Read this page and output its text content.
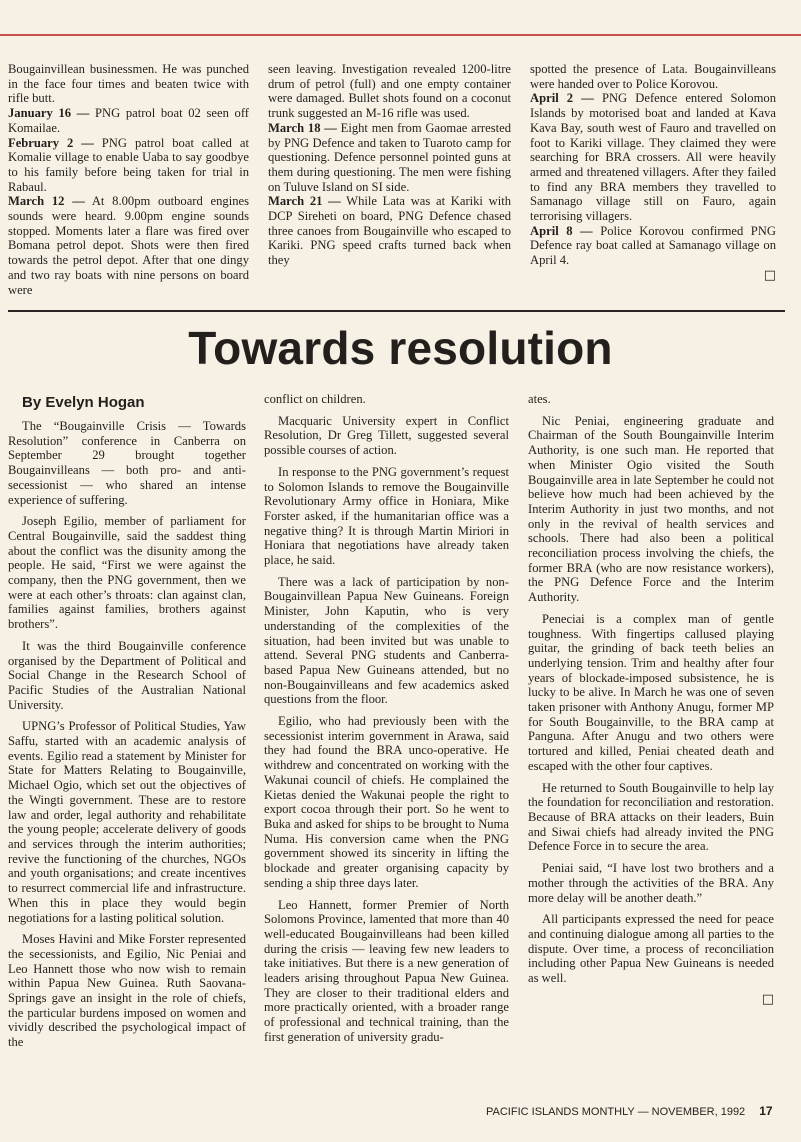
Bougainvillean businessmen. He was punched in the face four times and beaten twice with rifle butt.

January 16 — PNG patrol boat 02 seen off Komailae.

February 2 — PNG patrol boat called at Komalie village to enable Uaba to say goodbye to his family before being taken for trial in Rabaul.

March 12 — At 8.00pm outboard engines sounds were heard. 9.00pm engine sounds stopped. Moments later a flare was fired over Bomana petrol depot. Shots were then fired towards the petrol depot. After that one dingy and two ray boats with nine persons on board were

seen leaving. Investigation revealed 1200-litre drum of petrol (full) and one empty container were damaged. Bullet shots found on a coconut trunk suggested an M-16 rifle was used.

March 18 — Eight men from Gaomae arrested by PNG Defence and taken to Tuaroto camp for questioning. Defence personnel pointed guns at them during questioning. The men were fishing on Tuluve Island on SI side.

March 21 — While Lata was at Kariki with DCP Sireheti on board, PNG Defence chased three canoes from Bougainville who escaped to Kariki. PNG speed crafts turned back when they

spotted the presence of Lata. Bougainvilleans were handed over to Police Korovou.

April 2 — PNG Defence entered Solomon Islands by motorised boat and landed at Kava Kava Bay, south west of Fauro and travelled on foot to Kariki village. They claimed they were searching for BRA crossers. All were heavily armed and threatened villagers. After they failed to find any BRA members they travelled to Samanago village still on Fauro, again terrorising villagers.

April 8 — Police Korovou confirmed PNG Defence ray boat called at Samanago village on April 4.

□
Towards resolution

By Evelyn Hogan

The “Bougainville Crisis — Towards Resolution” conference in Canberra on September 29 brought together Bougainvilleans — both pro- and anti-secessionist — who shared an intense experience of suffering.

Joseph Egilio, member of parliament for Central Bougainville, said the saddest thing about the conflict was the disunity among the people. He said, “First we were against the company, then the PNG government, then we were at each other’s throats: clan against clan, families against families, brothers against brothers”.

It was the third Bougainville conference organised by the Department of Political and Social Change in the Research School of Pacific Studies of the Australian National University.

UPNG’s Professor of Political Studies, Yaw Saffu, started with an academic analysis of events. Egilio read a statement by Minister for State for Matters Relating to Bougainville, Michael Ogio, which set out the objectives of the Wingti government. These are to restore law and order, legal authority and rehabilitate the young people; accelerate delivery of goods and services through the interim authorities; revive the functioning of the churches, NGOs and youth organisations; and create incentives to resurrect commercial life and infrastructure. When this in place they would begin negotiations for a lasting political solution.

Moses Havini and Mike Forster represented the secessionists, and Egilio, Nic Peniai and Leo Hannett those who now wish to remain within Papua New Guinea. Ruth Saovana-Springs gave an insight in the role of chiefs, the particular burdens imposed on women and vividly described the psychological impact of the

conflict on children.

Macquaric University expert in Conflict Resolution, Dr Greg Tillett, suggested several possible courses of action.

In response to the PNG government’s request to Solomon Islands to remove the Bougainville Revolutionary Army office in Honiara, Mike Forster asked, if the humanitarian office was a negative thing? It is through Martin Miriori in Honiara that negotiations have already taken place, he said.

There was a lack of participation by non-Bougainvillean Papua New Guineans. Foreign Minister, John Kaputin, who is very understanding of the complexities of the situation, had been invited but was unable to attend. Several PNG students and Canberra-based Papua New Guineans attended, but no non-Bougainvilleans and few academics asked questions from the floor.

Egilio, who had previously been with the secessionist interim government in Arawa, said they had found the BRA unco-operative. He withdrew and concentrated on working with the Wakunai council of chiefs. He complained the Kietas denied the Wakunai people the right to export cocoa through their port. So he went to Buka and asked for ships to be brought to Numa Numa. His conversion came when the PNG government showed its sincerity in lifting the blockade and greater organising capacity by sending a ship three days later.

Leo Hannett, former Premier of North Solomons Province, lamented that more than 40 well-educated Bougainvilleans had been killed during the crisis — leaving few new leaders to take initiatives. But there is a new generation of leaders arising throughout Papua New Guinea. They are closer to their traditional elders and more practically oriented, with a broader range of professional and technical training, than the first generation of university gradu-

ates.

Nic Peniai, engineering graduate and Chairman of the South Boungainville Interim Authority, is one such man. He reported that when Minister Ogio visited the South Bougainville area in late September he could not believe how much had been achieved by the Interim Authority in just two months, and not only in the revival of health services and schools. There had also been a political reconciliation process involving the chiefs, the former BRA (who are now resistance workers), the PNG Defence Force and the Interim Authority.

Peneciai is a complex man of gentle toughness. With fingertips callused playing guitar, the grinding of back teeth belies an underlying tension. Trim and healthy after four years of blockade-imposed subsistence, he is lucky to be alive. In March he was one of seven taken prisoner with Anthony Anugu, former MP for South Bougainville, to the BRA camp at Panguna. After Anugu and two others were tortured and killed, Peniai cheated death and escaped with the other four captives.

He returned to South Bougainville to help lay the foundation for reconciliation and restoration. Because of BRA attacks on their leaders, Buin and Siwai chiefs had already invited the PNG Defence Force in to secure the area.

Peniai said, “I have lost two brothers and a mother through the activities of the BRA. Any more delay will be another death.”

All participants expressed the need for peace and continuing dialogue among all parties to the dispute. Over time, a process of reconciliation including other Papua New Guineans is needed as well.

□
PACIFIC ISLANDS MONTHLY — NOVEMBER, 1992 17
